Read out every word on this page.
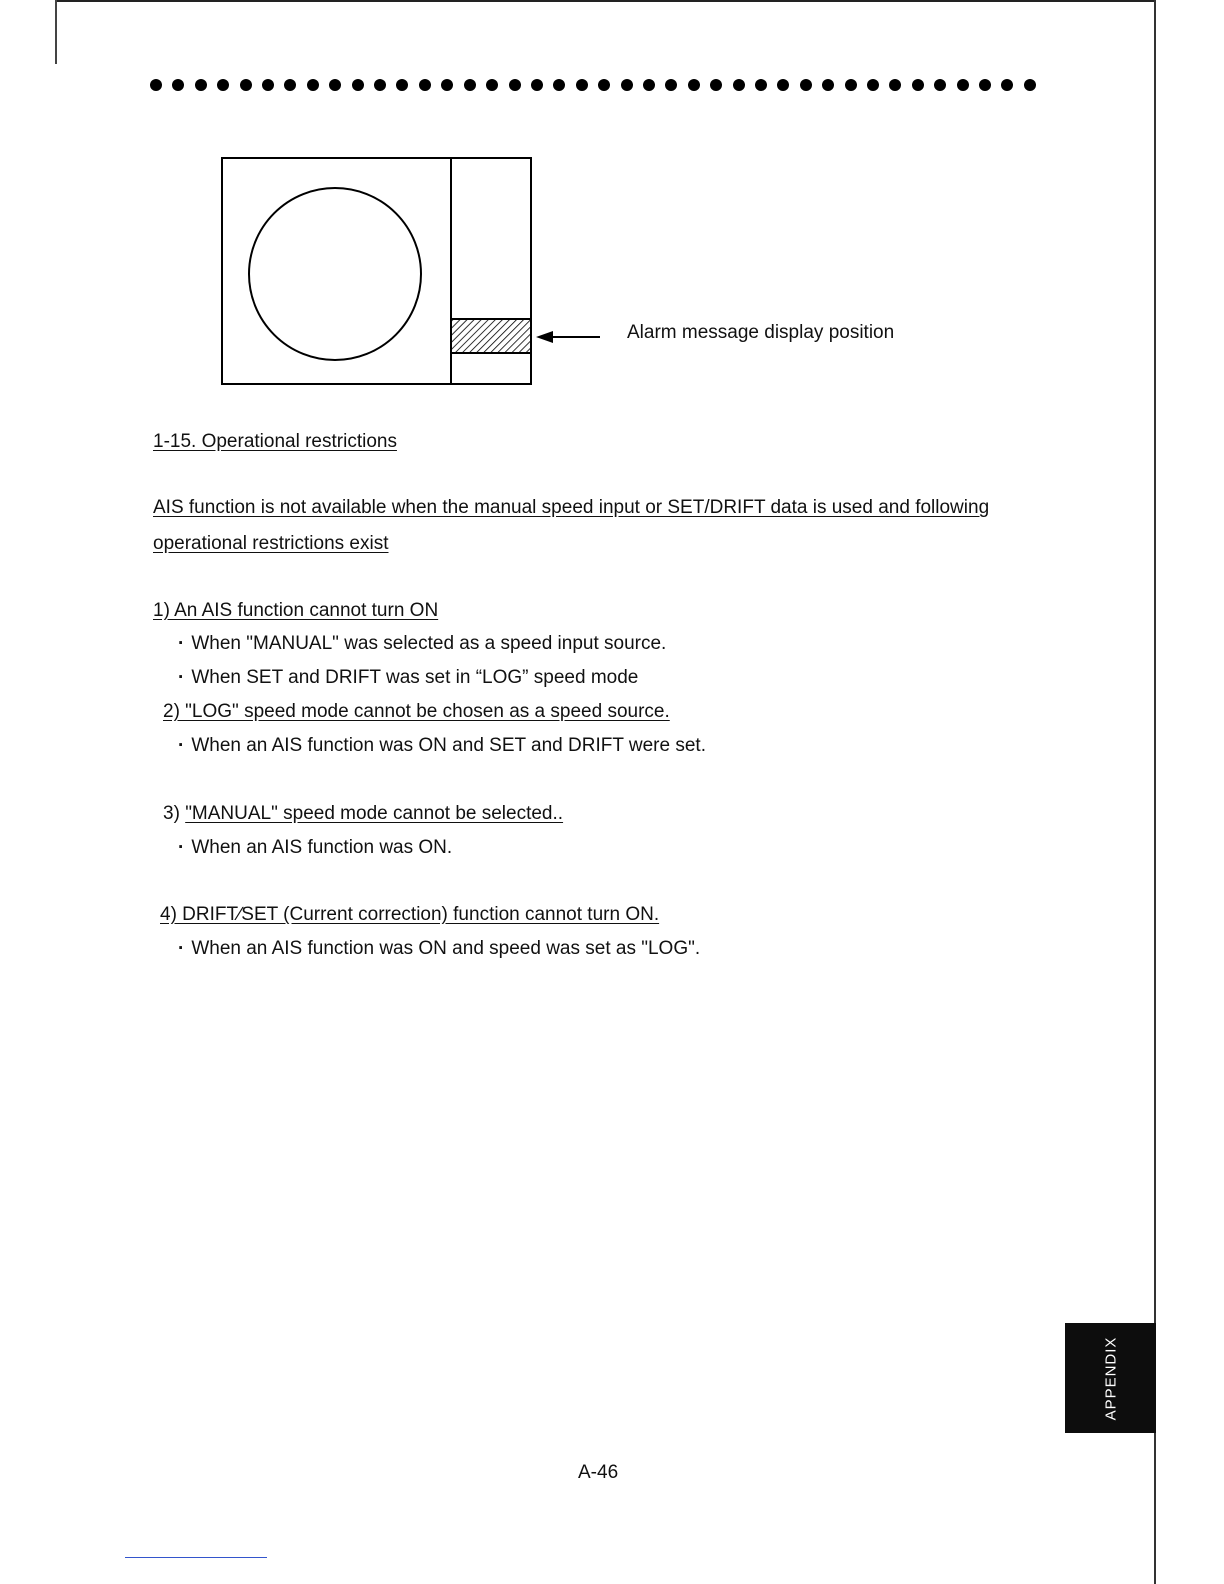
Alarm message display position
1-15. Operational restrictions
AIS function is not available when the manual speed input or SET/DRIFT data is used and following
operational restrictions exist
1) An AIS function cannot turn ON
· When "MANUAL" was selected as a speed input source.
· When SET and DRIFT was set in “LOG” speed mode
2) "LOG" speed mode cannot be chosen as a speed source.
· When an AIS function was ON and SET and DRIFT were set.
3) "MANUAL" speed mode cannot be selected..
· When an AIS function was ON.
4) DRIFT∕SET (Current correction) function cannot turn ON.
· When an AIS function was ON and speed was set as "LOG".
APPENDIX
A-46
